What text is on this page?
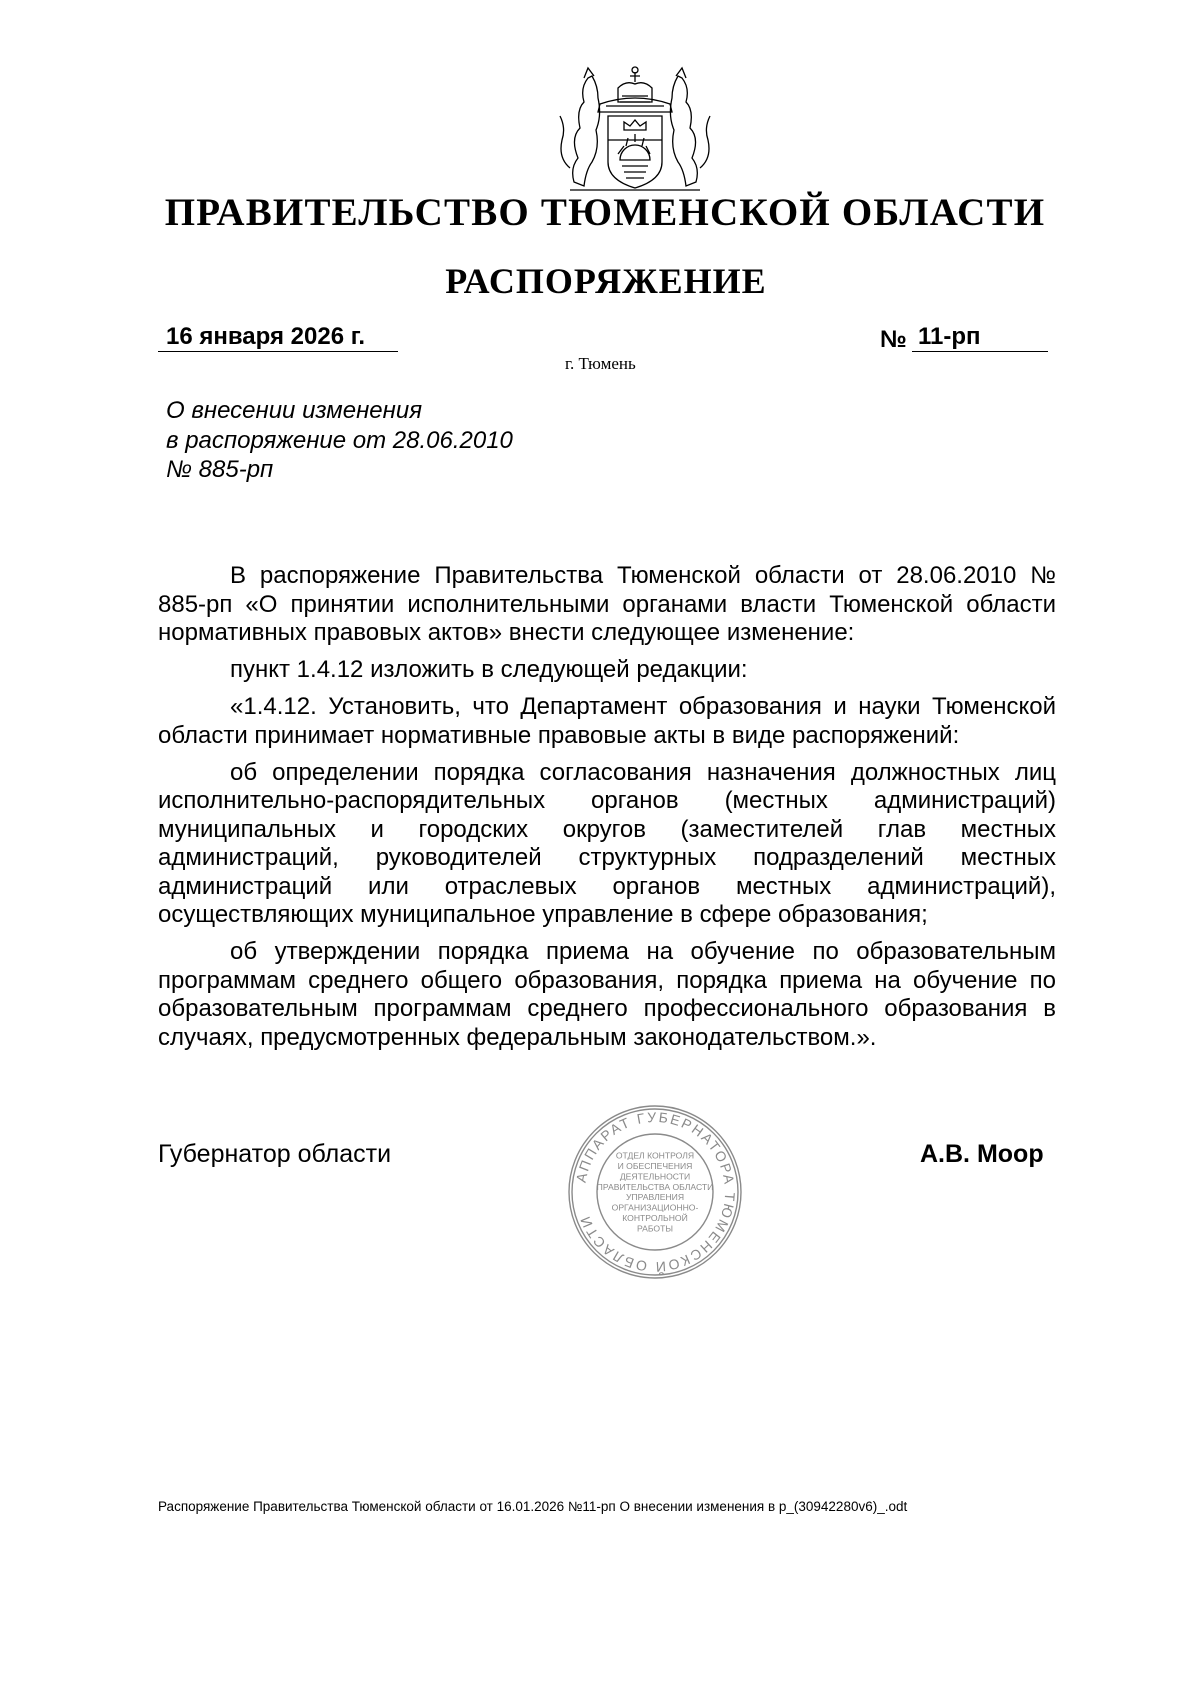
ПРАВИТЕЛЬСТВО ТЮМЕНСКОЙ ОБЛАСТИ
РАСПОРЯЖЕНИЕ
16 января 2026 г.	№ 11-рп
г. Тюмень
О внесении изменения
в распоряжение от 28.06.2010
№ 885-рп

В распоряжение Правительства Тюменской области от 28.06.2010 № 885-рп «О принятии исполнительными органами власти Тюменской области нормативных правовых актов» внести следующее изменение:

пункт 1.4.12 изложить в следующей редакции:

«1.4.12. Установить, что Департамент образования и науки Тюменской области принимает нормативные правовые акты в виде распоряжений:

об определении порядка согласования назначения должностных лиц исполнительно-распорядительных органов (местных администраций) муниципальных и городских округов (заместителей глав местных администраций, руководителей структурных подразделений местных администраций или отраслевых органов местных администраций), осуществляющих муниципальное управление в сфере образования;

об утверждении порядка приема на обучение по образовательным программам среднего общего образования, порядка приема на обучение по образовательным программам среднего профессионального образования в случаях, предусмотренных федеральным законодательством.».

Губернатор области	А.В. Моор
АППАРАТ ГУБЕРНАТОРА ТЮМЕНСКОЙ ОБЛАСТИ
ОТДЕЛ КОНТРОЛЯ
И ОБЕСПЕЧЕНИЯ
ДЕЯТЕЛЬНОСТИ
ПРАВИТЕЛЬСТВА ОБЛАСТИ
УПРАВЛЕНИЯ
ОРГАНИЗАЦИОННО-
КОНТРОЛЬНОЙ
РАБОТЫ
Распоряжение Правительства Тюменской области от 16.01.2026 №11-рп О внесении изменения в р_(30942280v6)_.odt
